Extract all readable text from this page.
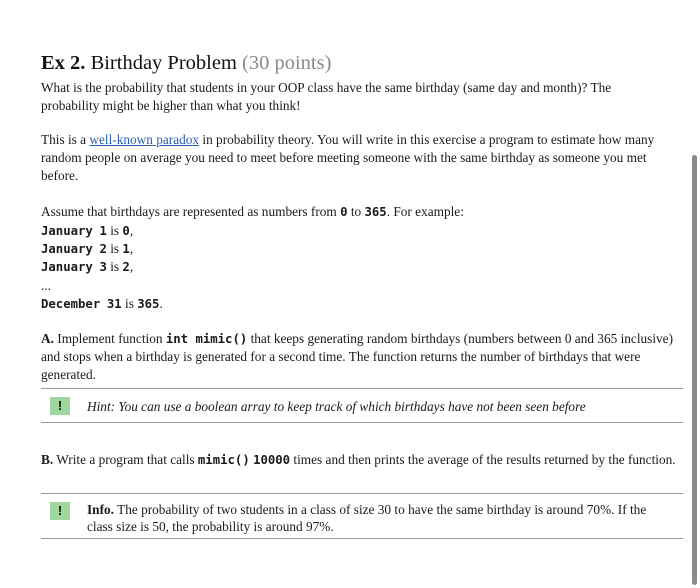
Ex 2. Birthday Problem (30 points)

What is the probability that students in your OOP class have the same birthday (same day and month)? The
probability might be higher than what you think!

This is a well-known paradox in probability theory. You will write in this exercise a program to estimate how many
random people on average you need to meet before meeting someone with the same birthday as someone you met
before.

Assume that birthdays are represented as numbers from 0 to 365. For example:

January 1 is 0,

January 2 is 1,

January 3 is 2,

...

December 31 is 365.

A. Implement function int mimic() that keeps generating random birthdays (numbers between 0 and 365 inclusive)
and stops when a birthday is generated for a second time. The function returns the number of birthdays that were
generated.

!	Hint: You can use a boolean array to keep track of which birthdays have not been seen before

B. Write a program that calls mimic() 10000 times and then prints the average of the results returned by the function.

!	Info. The probability of two students in a class of size 30 to have the same birthday is around 70%. If the
class size is 50, the probability is around 97%.
